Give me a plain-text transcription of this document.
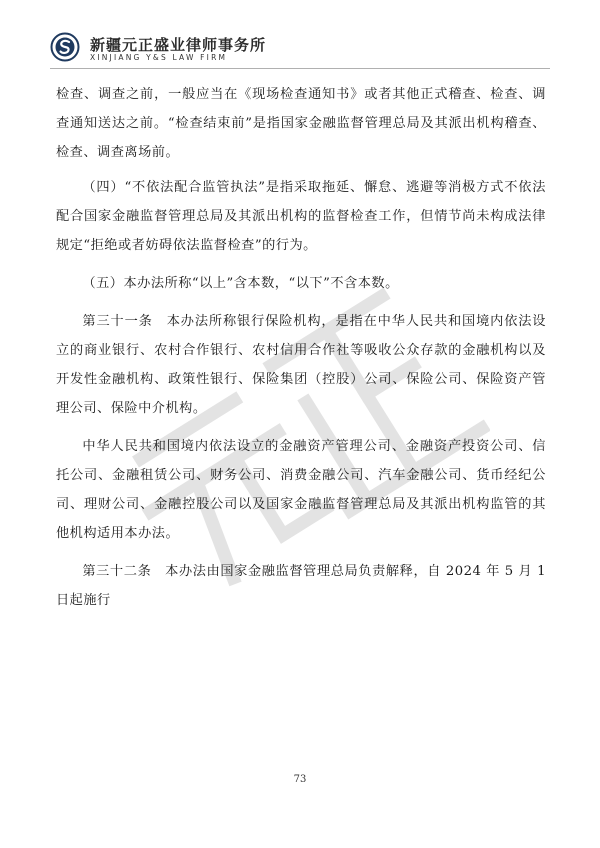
新疆元正盛业律师事务所
XINJIANG Y&S LAW FIRM

检查、调查之前，一般应当在《现场检查通知书》或者其他正式稽查、检查、调查通知送达之前。“检查结束前”是指国家金融监督管理总局及其派出机构稽查、检查、调查离场前。

（四）“不依法配合监管执法”是指采取拖延、懈怠、逃避等消极方式不依法配合国家金融监督管理总局及其派出机构的监督检查工作，但情节尚未构成法律规定“拒绝或者妨碍依法监督检查”的行为。

（五）本办法所称“以上”含本数，“以下”不含本数。

第三十一条　本办法所称银行保险机构，是指在中华人民共和国境内依法设立的商业银行、农村合作银行、农村信用合作社等吸收公众存款的金融机构以及开发性金融机构、政策性银行、保险集团（控股）公司、保险公司、保险资产管理公司、保险中介机构。

中华人民共和国境内依法设立的金融资产管理公司、金融资产投资公司、信托公司、金融租赁公司、财务公司、消费金融公司、汽车金融公司、货币经纪公司、理财公司、金融控股公司以及国家金融监督管理总局及其派出机构监管的其他机构适用本办法。

第三十二条　本办法由国家金融监督管理总局负责解释，自 2024 年 5 月 1 日起施行

73
